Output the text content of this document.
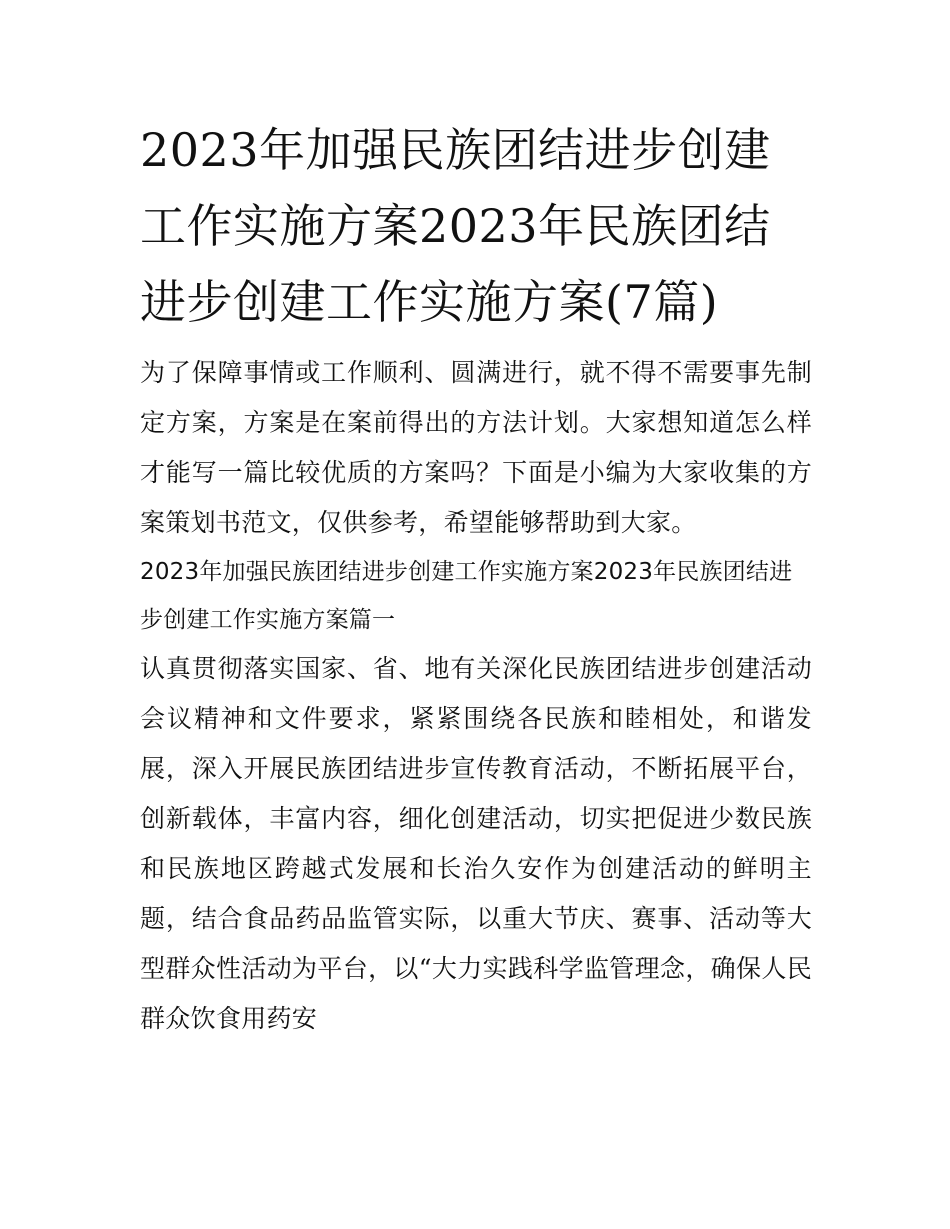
2023年加强民族团结进步创建工作实施方案2023年民族团结进步创建工作实施方案(7篇)

为了保障事情或工作顺利、圆满进行，就不得不需要事先制定方案，方案是在案前得出的方法计划。大家想知道怎么样才能写一篇比较优质的方案吗？下面是小编为大家收集的方案策划书范文，仅供参考，希望能够帮助到大家。

2023年加强民族团结进步创建工作实施方案2023年民族团结进步创建工作实施方案篇一

认真贯彻落实国家、省、地有关深化民族团结进步创建活动会议精神和文件要求，紧紧围绕各民族和睦相处，和谐发展，深入开展民族团结进步宣传教育活动，不断拓展平台，创新载体，丰富内容，细化创建活动，切实把促进少数民族和民族地区跨越式发展和长治久安作为创建活动的鲜明主题，结合食品药品监管实际，以重大节庆、赛事、活动等大型群众性活动为平台，以“大力实践科学监管理念，确保人民群众饮食用药安
